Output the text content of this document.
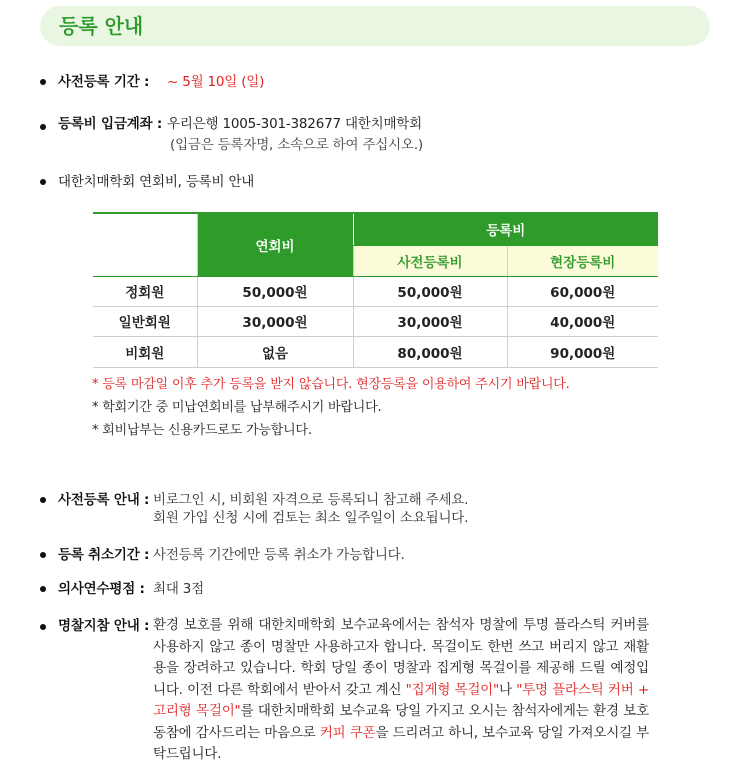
등록 안내
사전등록 기간 : ~ 5월 10일 (일)
등록비 입금계좌 : 우리은행 1005-301-382677 대한치매학회
(입금은 등록자명, 소속으로 하여 주십시오.)
대한치매학회 연회비, 등록비 안내
	연회비	등록비	
		사전등록비	현장등록비
정회원	50,000원	50,000원	60,000원
일반회원	30,000원	30,000원	40,000원
비회원	없음	80,000원	90,000원
* 등록 마감일 이후 추가 등록을 받지 않습니다. 현장등록을 이용하여 주시기 바랍니다.
* 학회기간 중 미납연회비를 납부해주시기 바랍니다.
* 회비납부는 신용카드로도 가능합니다.
사전등록 안내 : 비로그인 시, 비회원 자격으로 등록되니 참고해 주세요.
회원 가입 신청 시에 검토는 최소 일주일이 소요됩니다.
등록 취소기간 : 사전등록 기간에만 등록 취소가 가능합니다.
의사연수평점 : 최대 3점
명찰지참 안내 : 환경 보호를 위해 대한치매학회 보수교육에서는 참석자 명찰에 투명 플라스틱 커버를 사용하지 않고 종이 명찰만 사용하고자 합니다. 목걸이도 한번 쓰고 버리지 않고 재활용을 장려하고 있습니다. 학회 당일 종이 명찰과 집게형 목걸이를 제공해 드릴 예정입니다. 이전 다른 학회에서 받아서 갖고 계신 "집게형 목걸이"나 "투명 플라스틱 커버 + 고리형 목걸이"를 대한치매학회 보수교육 당일 가지고 오시는 참석자에게는 환경 보호 동참에 감사드리는 마음으로 커피 쿠폰을 드리려고 하니, 보수교육 당일 가져오시길 부탁드립니다.
